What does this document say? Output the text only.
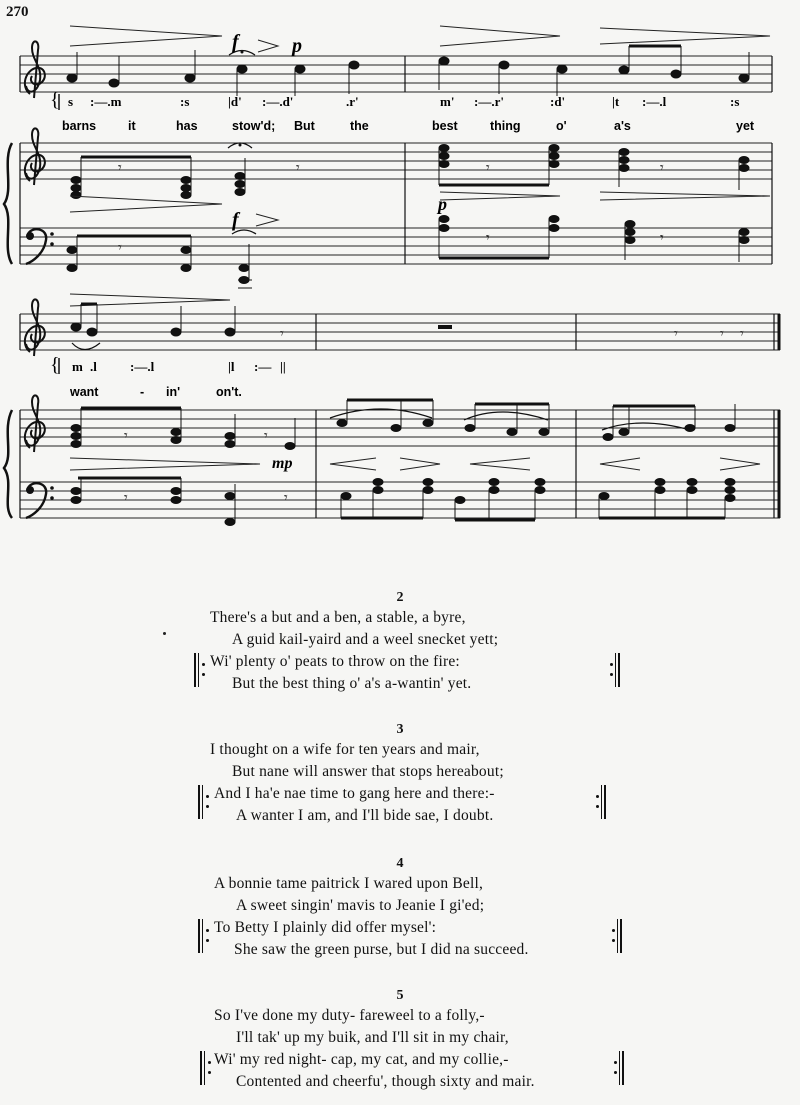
270
f	p
{ s :—.m	:s	|d' :—.d'	.r'	m' :—.r'	:d'	|t :—.l	:s
barns	it	has	stow'd; But	the	best	thing	o'	a's	yet
𝄾	𝄾	𝄾	𝄾
f
p
𝄾
𝄾	𝄾
𝄾	𝄾	𝄾 𝄾
{ m .l	:—.l	|l :— ||
want	- in'	on't.
𝄾	𝄾
mp
𝄾	𝄾
2
There's a but and a ben, a stable, a byre,
A guid kail-yaird and a weel snecket yett;
Wi' plenty o' peats to throw on the fire:
But the best thing o' a's a-wantin' yet.
3
I thought on a wife for ten years and mair,
But nane will answer that stops hereabout;
And I ha'e nae time to gang here and there:-
A wanter I am, and I'll bide sae, I doubt.
4
A bonnie tame paitrick I wared upon Bell,
A sweet singin' mavis to Jeanie I gi'ed;
To Betty I plainly did offer mysel':
She saw the green purse, but I did na succeed.
5
So I've done my duty- fareweel to a folly,-
I'll tak' up my buik, and I'll sit in my chair,
Wi' my red night- cap, my cat, and my collie,-
Contented and cheerfu', though sixty and mair.
